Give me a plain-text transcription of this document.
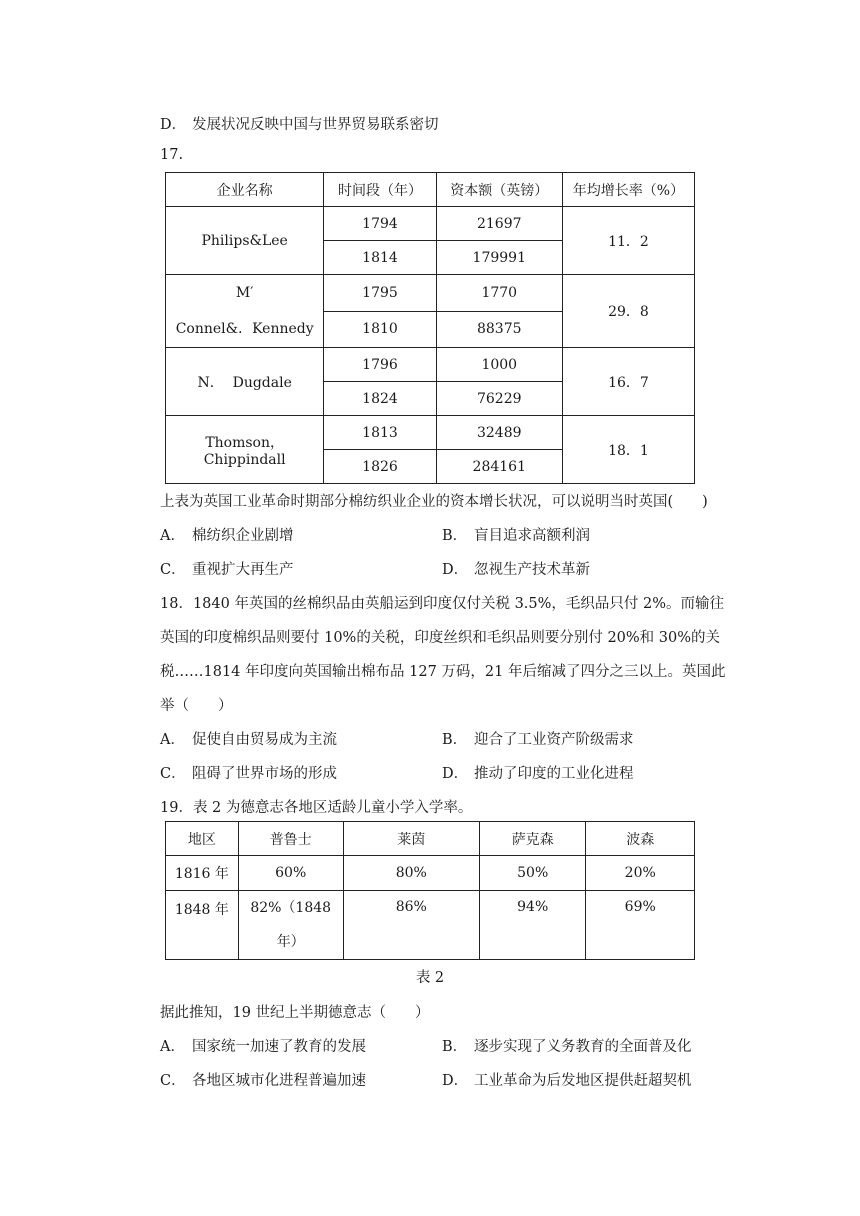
D． 发展状况反映中国与世界贸易联系密切
17.
企业名称	时间段（年）	资本额（英镑）	年均增长率（%）
Philips&Lee	1794	21697	11．2
	1814	179991	

M′
Connel&．Kennedy	1795	1770	29．8
	1810	88375	
N．  Dugdale	1796	1000	16．7
	1824	76229	
Thomson，Chippindall	1813	32489	18．1
	1826	284161	
上表为英国工业革命时期部分棉纺织业企业的资本增长状况，可以说明当时英国(　　)
A． 棉纺织企业剧增	B． 盲目追求高额利润
C． 重视扩大再生产	D． 忽视生产技术革新
18．1840 年英国的丝棉织品由英船运到印度仅付关税 3.5%，毛织品只付 2%。而输往
英国的印度棉织品则要付 10%的关税，印度丝织和毛织品则要分别付 20%和 30%的关
税……1814 年印度向英国输出棉布品 127 万码，21 年后缩减了四分之三以上。英国此
举（　　）
A． 促使自由贸易成为主流	B． 迎合了工业资产阶级需求
C． 阻碍了世界市场的形成	D． 推动了印度的工业化进程
19．表 2 为德意志各地区适龄儿童小学入学率。
地区	普鲁士	莱茵	萨克森	波森
1816 年	60%	80%	50%	20%
1848 年	82%（1848
年）	86%	94%	69%
表 2
据此推知，19 世纪上半期德意志（　　）
A． 国家统一加速了教育的发展	B． 逐步实现了义务教育的全面普及化
C． 各地区城市化进程普遍加速	D． 工业革命为后发地区提供赶超契机
